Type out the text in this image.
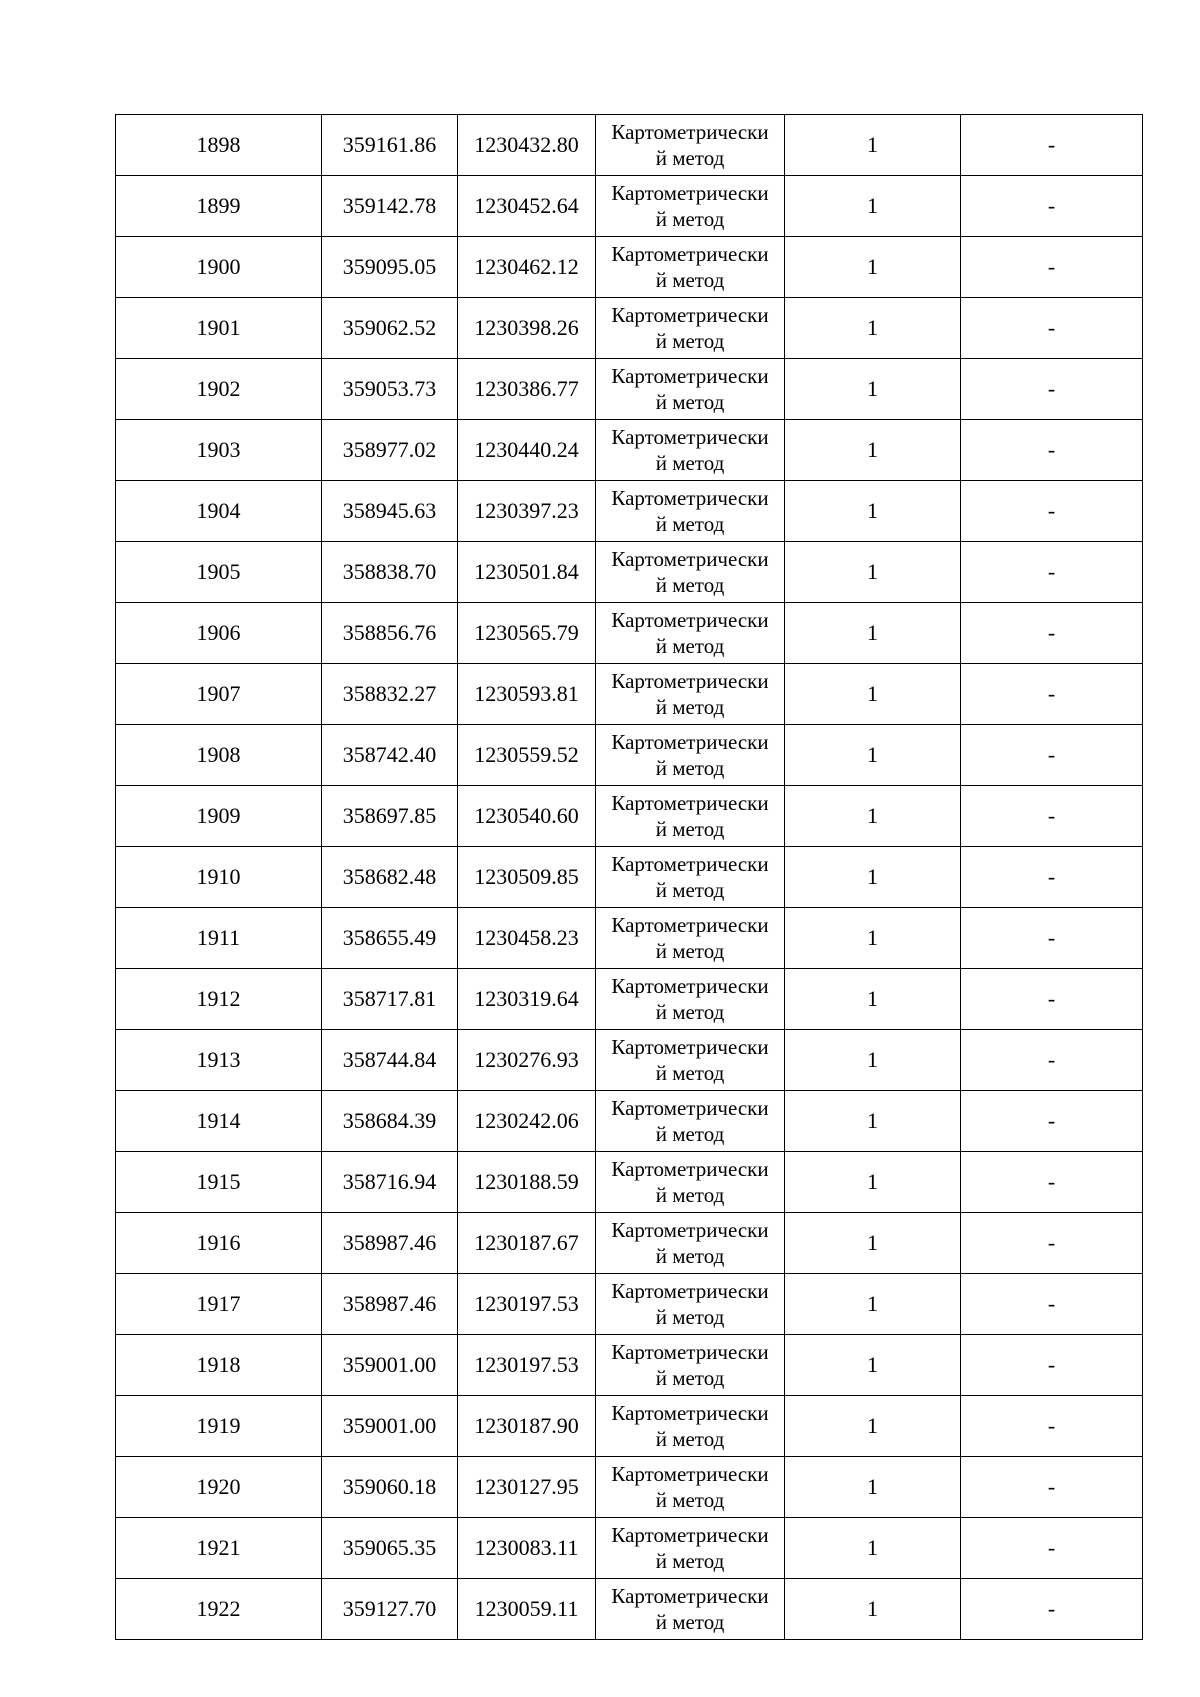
1898	359161.86	1230432.80	Картометрически
й метод	1	-
1899	359142.78	1230452.64	Картометрически
й метод	1	-
1900	359095.05	1230462.12	Картометрически
й метод	1	-
1901	359062.52	1230398.26	Картометрически
й метод	1	-
1902	359053.73	1230386.77	Картометрически
й метод	1	-
1903	358977.02	1230440.24	Картометрически
й метод	1	-
1904	358945.63	1230397.23	Картометрически
й метод	1	-
1905	358838.70	1230501.84	Картометрически
й метод	1	-
1906	358856.76	1230565.79	Картометрически
й метод	1	-
1907	358832.27	1230593.81	Картометрически
й метод	1	-
1908	358742.40	1230559.52	Картометрически
й метод	1	-
1909	358697.85	1230540.60	Картометрически
й метод	1	-
1910	358682.48	1230509.85	Картометрически
й метод	1	-
1911	358655.49	1230458.23	Картометрически
й метод	1	-
1912	358717.81	1230319.64	Картометрически
й метод	1	-
1913	358744.84	1230276.93	Картометрически
й метод	1	-
1914	358684.39	1230242.06	Картометрически
й метод	1	-
1915	358716.94	1230188.59	Картометрически
й метод	1	-
1916	358987.46	1230187.67	Картометрически
й метод	1	-
1917	358987.46	1230197.53	Картометрически
й метод	1	-
1918	359001.00	1230197.53	Картометрически
й метод	1	-
1919	359001.00	1230187.90	Картометрически
й метод	1	-
1920	359060.18	1230127.95	Картометрически
й метод	1	-
1921	359065.35	1230083.11	Картометрически
й метод	1	-
1922	359127.70	1230059.11	Картометрически
й метод	1	-
